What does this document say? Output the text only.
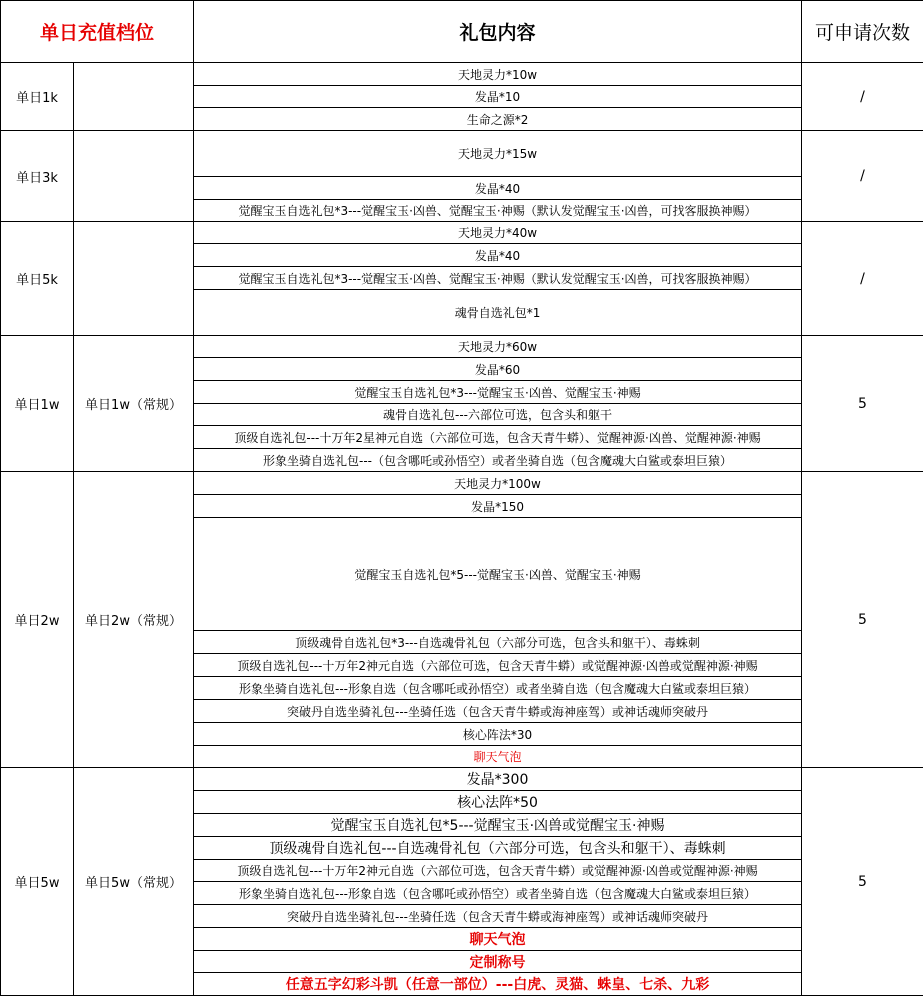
单日充值档位		礼包内容	可申请次数
单日1k		天地灵力*10w	/
		发晶*10	
		生命之源*2	
单日3k		天地灵力*15w	/
		发晶*40	
		觉醒宝玉自选礼包*3---觉醒宝玉·凶兽、觉醒宝玉·神赐（默认发觉醒宝玉·凶兽，可找客服换神赐）	
单日5k		天地灵力*40w	/
		发晶*40	
		觉醒宝玉自选礼包*3---觉醒宝玉·凶兽、觉醒宝玉·神赐（默认发觉醒宝玉·凶兽，可找客服换神赐）	
		魂骨自选礼包*1	
单日1w	单日1w（常规）	天地灵力*60w	5
		发晶*60	
		觉醒宝玉自选礼包*3---觉醒宝玉·凶兽、觉醒宝玉·神赐	
		魂骨自选礼包---六部位可选，包含头和躯干	
		顶级自选礼包---十万年2星神元自选（六部位可选，包含天青牛蟒）、觉醒神源·凶兽、觉醒神源·神赐	
		形象坐骑自选礼包---（包含哪吒或孙悟空）或者坐骑自选（包含魔魂大白鲨或泰坦巨猿）	
单日2w	单日2w（常规）	天地灵力*100w	5
		发晶*150	
		觉醒宝玉自选礼包*5---觉醒宝玉·凶兽、觉醒宝玉·神赐	
		顶级魂骨自选礼包*3---自选魂骨礼包（六部分可选，包含头和躯干）、毒蛛刺	
		顶级自选礼包---十万年2神元自选（六部位可选，包含天青牛蟒）或觉醒神源·凶兽或觉醒神源·神赐	
		形象坐骑自选礼包---形象自选（包含哪吒或孙悟空）或者坐骑自选（包含魔魂大白鲨或泰坦巨猿）	
		突破丹自选坐骑礼包---坐骑任选（包含天青牛蟒或海神座驾）或神话魂师突破丹	
		核心阵法*30	
		聊天气泡	
单日5w	单日5w（常规）	发晶*300	5
		核心法阵*50	
		觉醒宝玉自选礼包*5---觉醒宝玉·凶兽或觉醒宝玉·神赐	
		顶级魂骨自选礼包---自选魂骨礼包（六部分可选，包含头和躯干）、毒蛛刺	
		顶级自选礼包---十万年2神元自选（六部位可选，包含天青牛蟒）或觉醒神源·凶兽或觉醒神源·神赐	
		形象坐骑自选礼包---形象自选（包含哪吒或孙悟空）或者坐骑自选（包含魔魂大白鲨或泰坦巨猿）	
		突破丹自选坐骑礼包---坐骑任选（包含天青牛蟒或海神座驾）或神话魂师突破丹	
		聊天气泡	
		定制称号	
		任意五字幻彩斗凯（任意一部位）---白虎、灵猫、蛛皇、七杀、九彩	
